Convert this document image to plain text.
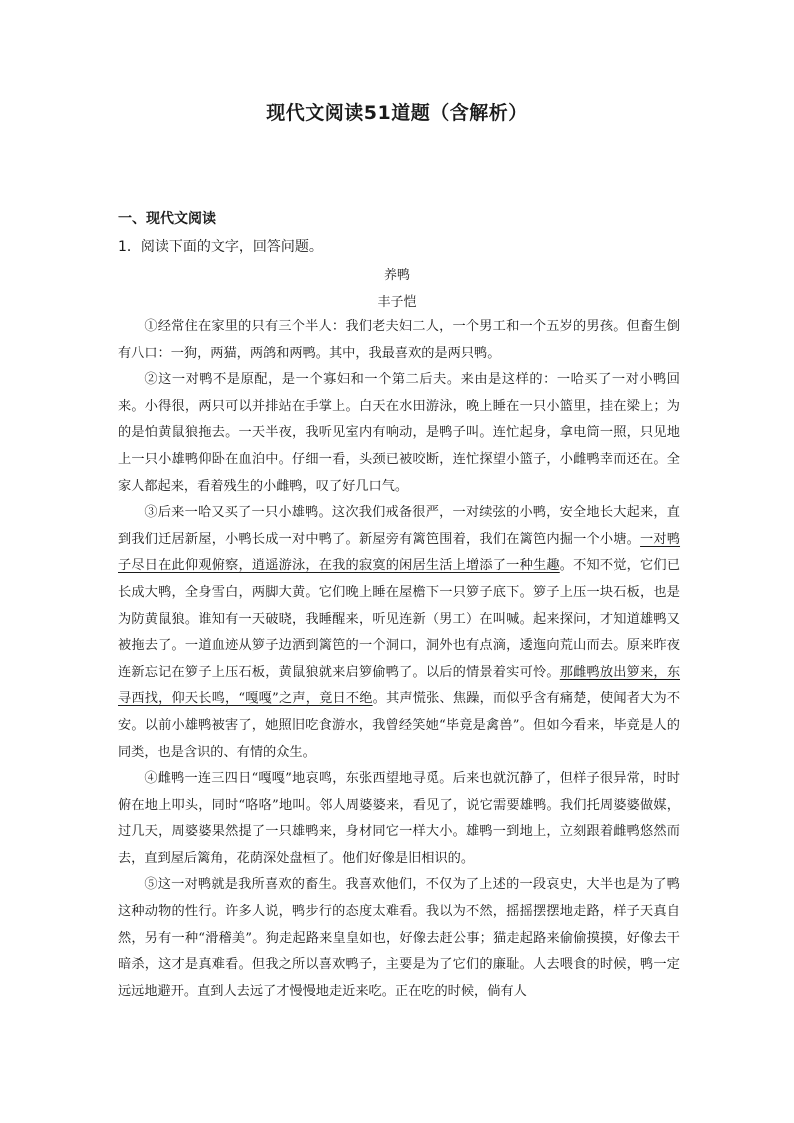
现代文阅读51道题（含解析）
一、现代文阅读
1．阅读下面的文字，回答问题。
养鸭
丰子恺

①经常住在家里的只有三个半人：我们老夫妇二人，一个男工和一个五岁的男孩。但畜生倒有八口：一狗，两猫，两鸽和两鸭。其中，我最喜欢的是两只鸭。

②这一对鸭不是原配，是一个寡妇和一个第二后夫。来由是这样的：一哈买了一对小鸭回来。小得很，两只可以并排站在手掌上。白天在水田游泳，晚上睡在一只小篮里，挂在梁上；为的是怕黄鼠狼拖去。一天半夜，我听见室内有响动，是鸭子叫。连忙起身，拿电筒一照，只见地上一只小雄鸭仰卧在血泊中。仔细一看，头颈已被咬断，连忙探望小篮子，小雌鸭幸而还在。全家人都起来，看着残生的小雌鸭，叹了好几口气。

③后来一哈又买了一只小雄鸭。这次我们戒备很严，一对续弦的小鸭，安全地长大起来，直到我们迁居新屋，小鸭长成一对中鸭了。新屋旁有篱笆围着，我们在篱笆内掘一个小塘。一对鸭子尽日在此仰观俯察，逍遥游泳，在我的寂寞的闲居生活上增添了一种生趣。不知不觉，它们已长成大鸭，全身雪白，两脚大黄。它们晚上睡在屋檐下一只箩子底下。箩子上压一块石板，也是为防黄鼠狼。谁知有一天破晓，我睡醒来，听见连新（男工）在叫喊。起来探问，才知道雄鸭又被拖去了。一道血迹从箩子边洒到篱笆的一个洞口，洞外也有点滴，逶迤向荒山而去。原来昨夜连新忘记在箩子上压石板，黄鼠狼就来启箩偷鸭了。以后的情景着实可怜。那雌鸭放出箩来，东寻西找，仰天长鸣，“嘎嘎”之声，竟日不绝。其声慌张、焦躁，而似乎含有痛楚，使闻者大为不安。以前小雄鸭被害了，她照旧吃食游水，我曾经笑她“毕竟是禽兽”。但如今看来，毕竟是人的同类，也是含识的、有情的众生。

④雌鸭一连三四日“嘎嘎”地哀鸣，东张西望地寻觅。后来也就沉静了，但样子很异常，时时俯在地上叩头，同时“咯咯”地叫。邻人周婆婆来，看见了，说它需要雄鸭。我们托周婆婆做媒，过几天，周婆婆果然提了一只雄鸭来，身材同它一样大小。雄鸭一到地上，立刻跟着雌鸭悠然而去，直到屋后篱角，花荫深处盘桓了。他们好像是旧相识的。

⑤这一对鸭就是我所喜欢的畜生。我喜欢他们，不仅为了上述的一段哀史，大半也是为了鸭这种动物的性行。许多人说，鸭步行的态度太难看。我以为不然，摇摇摆摆地走路，样子天真自然，另有一种“滑稽美”。狗走起路来皇皇如也，好像去赶公事；猫走起路来偷偷摸摸，好像去干暗杀，这才是真难看。但我之所以喜欢鸭子，主要是为了它们的廉耻。人去喂食的时候，鸭一定远远地避开。直到人去远了才慢慢地走近来吃。正在吃的时候，倘有人
